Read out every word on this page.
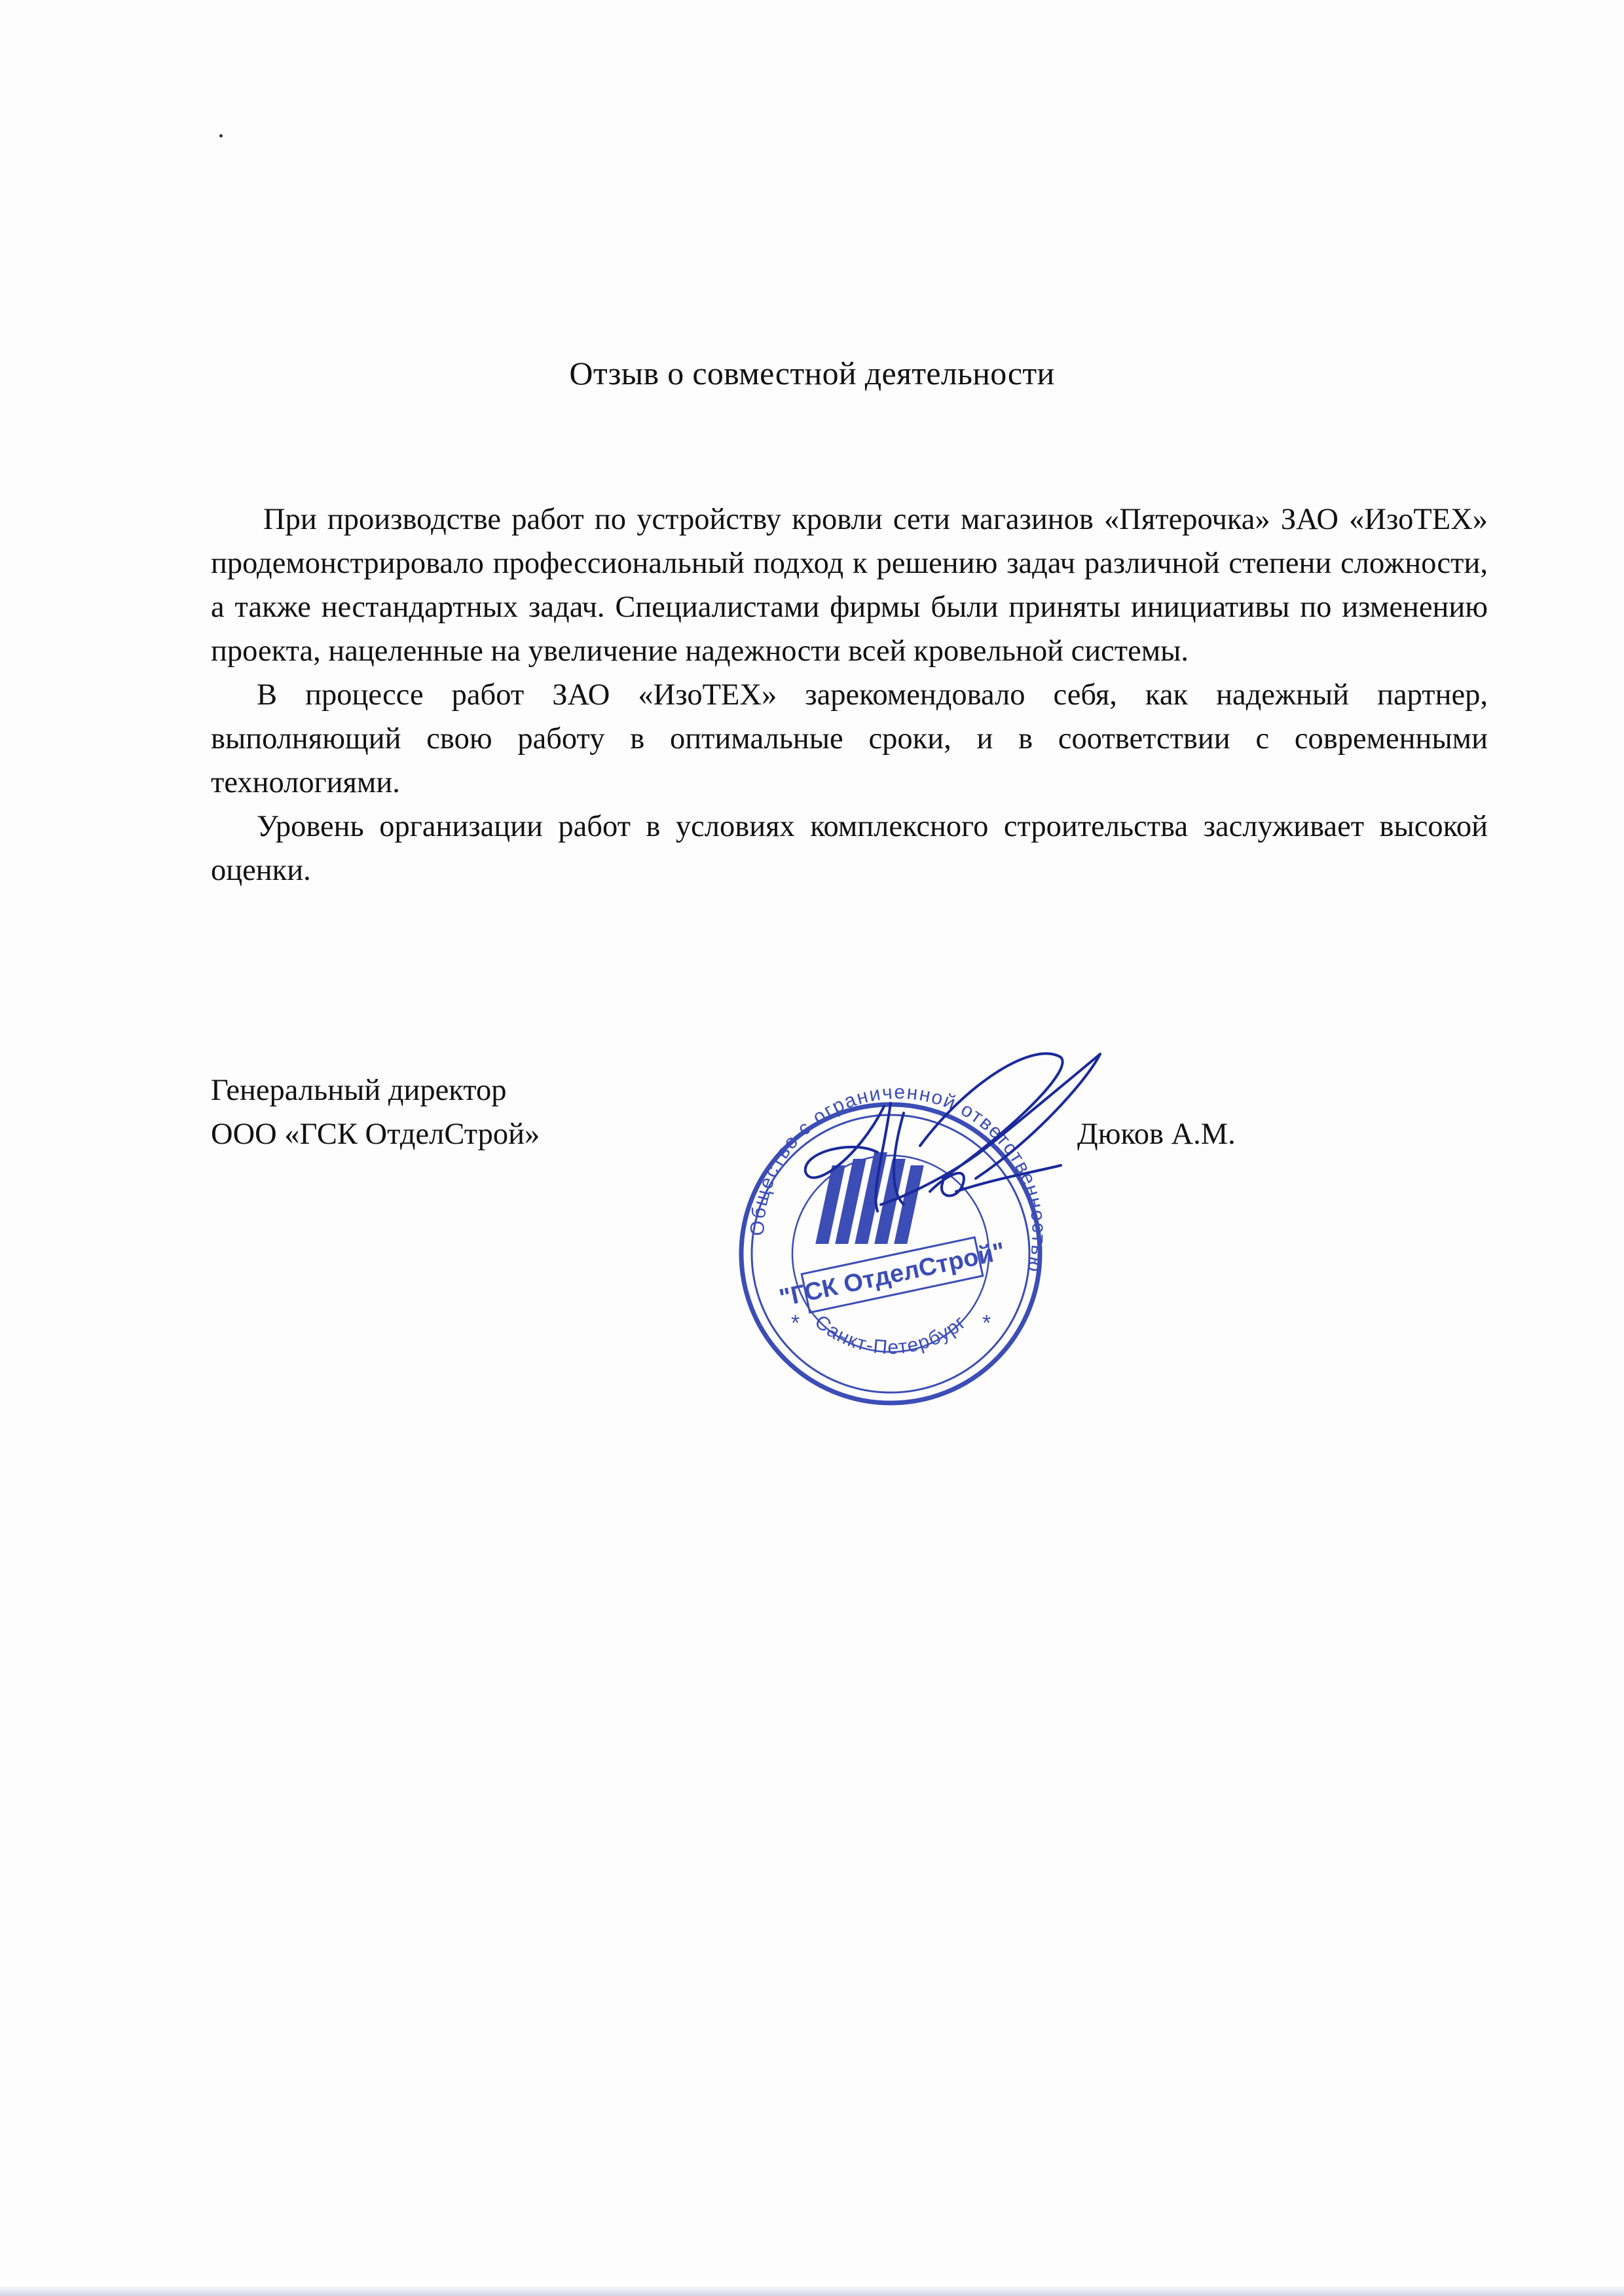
Отзыв о совместной деятельности

При производстве работ по устройству кровли сети магазинов «Пятерочка» ЗАО «ИзоТЕХ» продемонстрировало профессиональный подход к решению задач различной степени сложности, а также нестандартных задач. Специалистами фирмы были приняты инициативы по изменению проекта, нацеленные на увеличение надежности всей кровельной системы.

В процессе работ ЗАО «ИзоТЕХ» зарекомендовало себя, как надежный партнер, выполняющий свою работу в оптимальные сроки, и в соответствии с современными технологиями.

Уровень организации работ в условиях комплексного строительства заслуживает высокой оценки.

Генеральный директор
ООО «ГСК ОтделСтрой»	Дюков А.М.
Общество с ограниченной ответственностью
Санкт-Петербург
*	*
"ГСК ОтделСтрой"
